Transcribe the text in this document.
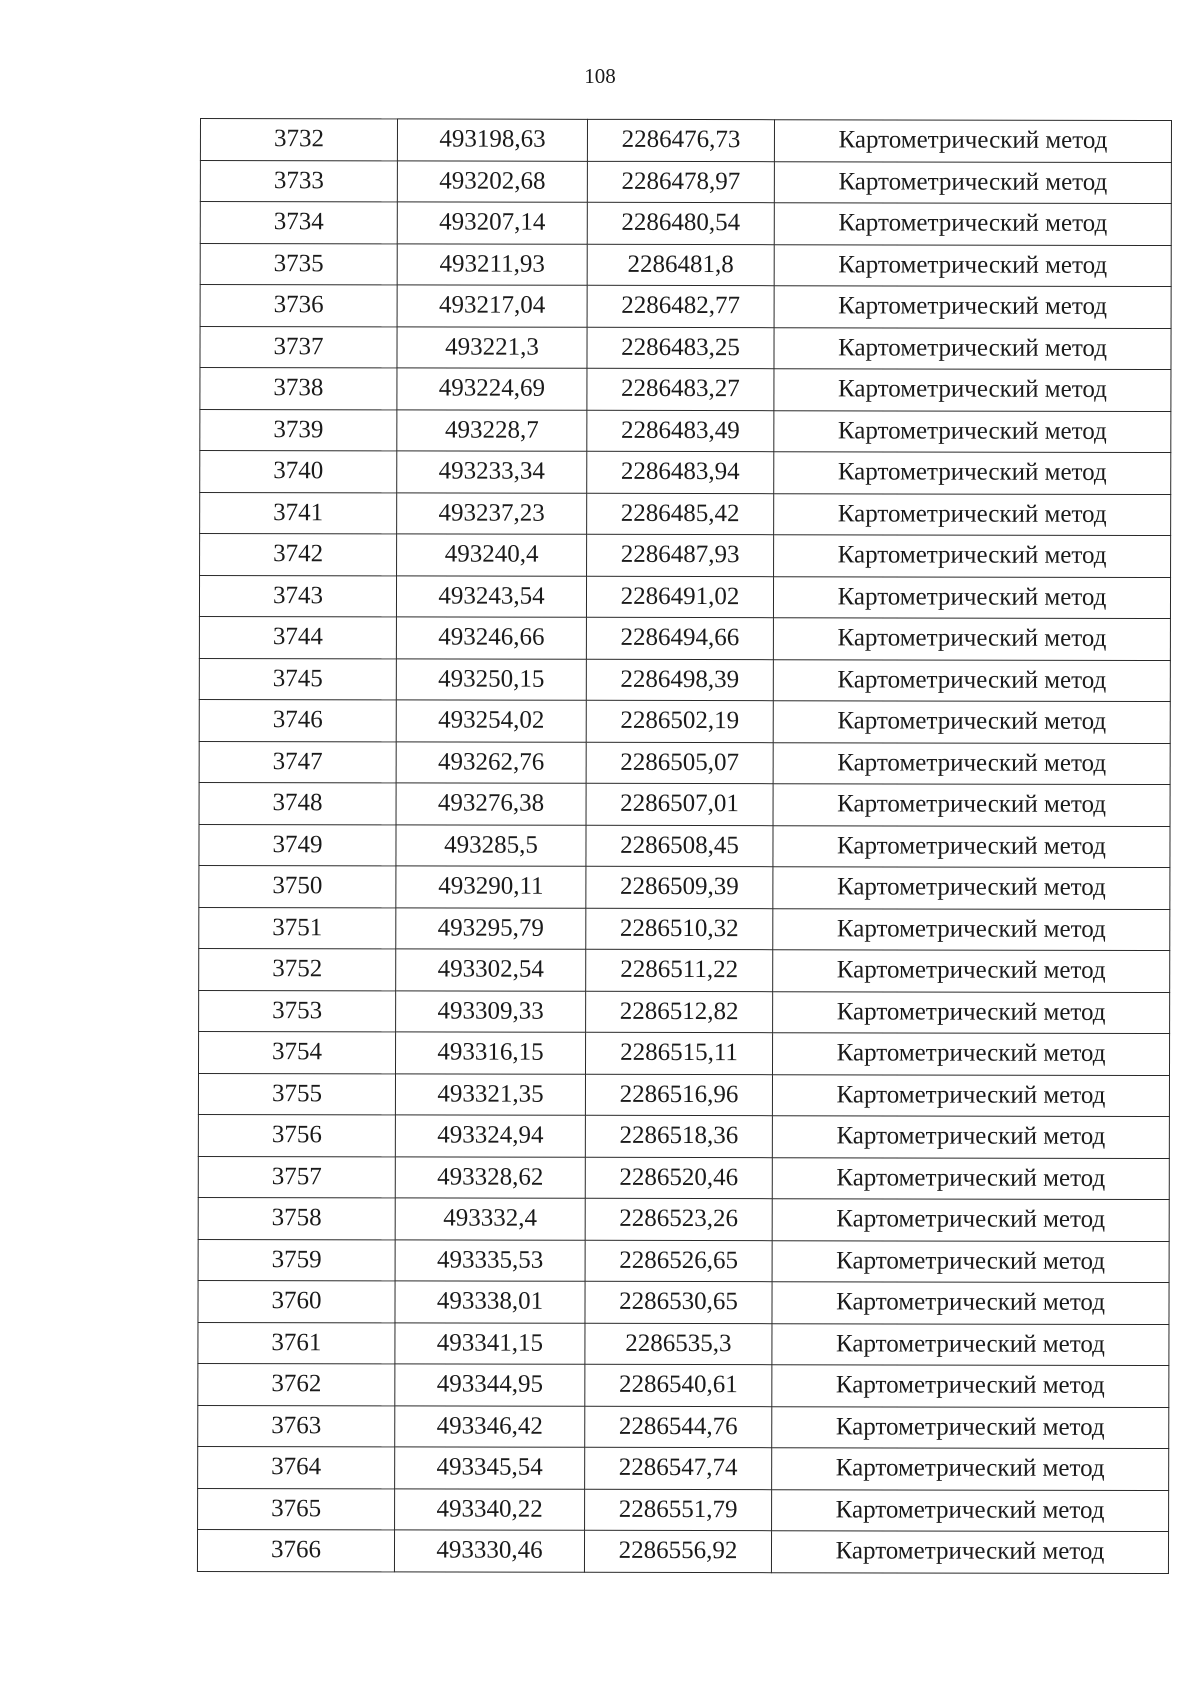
108
3732	493198,63	2286476,73	Картометрический метод
3733	493202,68	2286478,97	Картометрический метод
3734	493207,14	2286480,54	Картометрический метод
3735	493211,93	2286481,8	Картометрический метод
3736	493217,04	2286482,77	Картометрический метод
3737	493221,3	2286483,25	Картометрический метод
3738	493224,69	2286483,27	Картометрический метод
3739	493228,7	2286483,49	Картометрический метод
3740	493233,34	2286483,94	Картометрический метод
3741	493237,23	2286485,42	Картометрический метод
3742	493240,4	2286487,93	Картометрический метод
3743	493243,54	2286491,02	Картометрический метод
3744	493246,66	2286494,66	Картометрический метод
3745	493250,15	2286498,39	Картометрический метод
3746	493254,02	2286502,19	Картометрический метод
3747	493262,76	2286505,07	Картометрический метод
3748	493276,38	2286507,01	Картометрический метод
3749	493285,5	2286508,45	Картометрический метод
3750	493290,11	2286509,39	Картометрический метод
3751	493295,79	2286510,32	Картометрический метод
3752	493302,54	2286511,22	Картометрический метод
3753	493309,33	2286512,82	Картометрический метод
3754	493316,15	2286515,11	Картометрический метод
3755	493321,35	2286516,96	Картометрический метод
3756	493324,94	2286518,36	Картометрический метод
3757	493328,62	2286520,46	Картометрический метод
3758	493332,4	2286523,26	Картометрический метод
3759	493335,53	2286526,65	Картометрический метод
3760	493338,01	2286530,65	Картометрический метод
3761	493341,15	2286535,3	Картометрический метод
3762	493344,95	2286540,61	Картометрический метод
3763	493346,42	2286544,76	Картометрический метод
3764	493345,54	2286547,74	Картометрический метод
3765	493340,22	2286551,79	Картометрический метод
3766	493330,46	2286556,92	Картометрический метод
